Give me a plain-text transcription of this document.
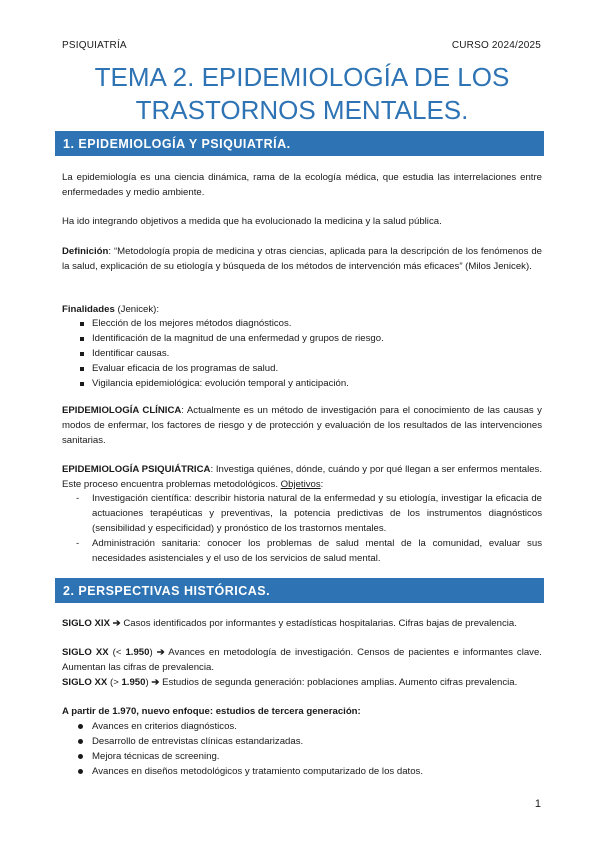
PSIQUIATRÍA	CURSO 2024/2025
TEMA 2. EPIDEMIOLOGÍA DE LOS
TRASTORNOS MENTALES.
1. EPIDEMIOLOGÍA Y PSIQUIATRÍA.

La epidemiología es una ciencia dinámica, rama de la ecología médica, que estudia las interrelaciones entre enfermedades y medio ambiente.

Ha ido integrando objetivos a medida que ha evolucionado la medicina y la salud pública.

Definición: “Metodología propia de medicina y otras ciencias, aplicada para la descripción de los fenómenos de la salud, explicación de su etiología y búsqueda de los métodos de intervención más eficaces” (Milos Jenicek).

Finalidades (Jenicek):

Elección de los mejores métodos diagnósticos.
Identificación de la magnitud de una enfermedad y grupos de riesgo.
Identificar causas.
Evaluar eficacia de los programas de salud.
Vigilancia epidemiológica: evolución temporal y anticipación.

EPIDEMIOLOGÍA CLÍNICA: Actualmente es un método de investigación para el conocimiento de las causas y modos de enfermar, los factores de riesgo y de protección y evaluación de los resultados de las intervenciones sanitarias.

EPIDEMIOLOGÍA PSIQUIÁTRICA: Investiga quiénes, dónde, cuándo y por qué llegan a ser enfermos mentales. Este proceso encuentra problemas metodológicos. Objetivos:

- Investigación científica: describir historia natural de la enfermedad y su etiología, investigar la eficacia de actuaciones terapéuticas y preventivas, la potencia predictivas de los instrumentos diagnósticos (sensibilidad y especificidad) y pronóstico de los trastornos mentales.
- Administración sanitaria: conocer los problemas de salud mental de la comunidad, evaluar sus necesidades asistenciales y el uso de los servicios de salud mental.
2. PERSPECTIVAS HISTÓRICAS.

SIGLO XIX ➔ Casos identificados por informantes y estadísticas hospitalarias. Cifras bajas de prevalencia.

SIGLO XX (< 1.950) ➔ Avances en metodología de investigación. Censos de pacientes e informantes clave. Aumentan las cifras de prevalencia.

SIGLO XX (> 1.950) ➔ Estudios de segunda generación: poblaciones amplias. Aumento cifras prevalencia.

A partir de 1.970, nuevo enfoque: estudios de tercera generación:

Avances en criterios diagnósticos.
Desarrollo de entrevistas clínicas estandarizadas.
Mejora técnicas de screening.
Avances en diseños metodológicos y tratamiento computarizado de los datos.
1
